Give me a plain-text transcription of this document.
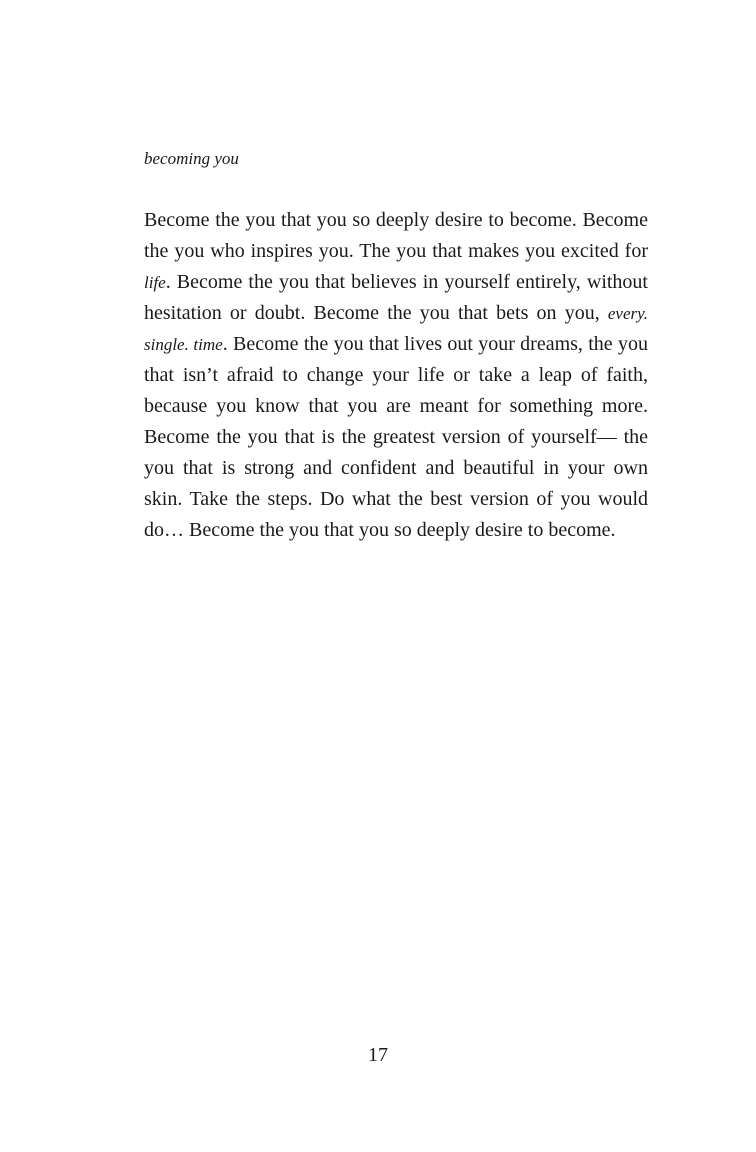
becoming you

Become the you that you so deeply desire to become. Become the you who inspires you. The you that makes you excited for life. Become the you that believes in yourself entirely, without hesitation or doubt. Become the you that bets on you, every. single. time. Become the you that lives out your dreams, the you that isn’t afraid to change your life or take a leap of faith, because you know that you are meant for something more. Become the you that is the greatest version of yourself— the you that is strong and confident and beautiful in your own skin. Take the steps. Do what the best version of you would do… Become the you that you so deeply desire to become.

17
